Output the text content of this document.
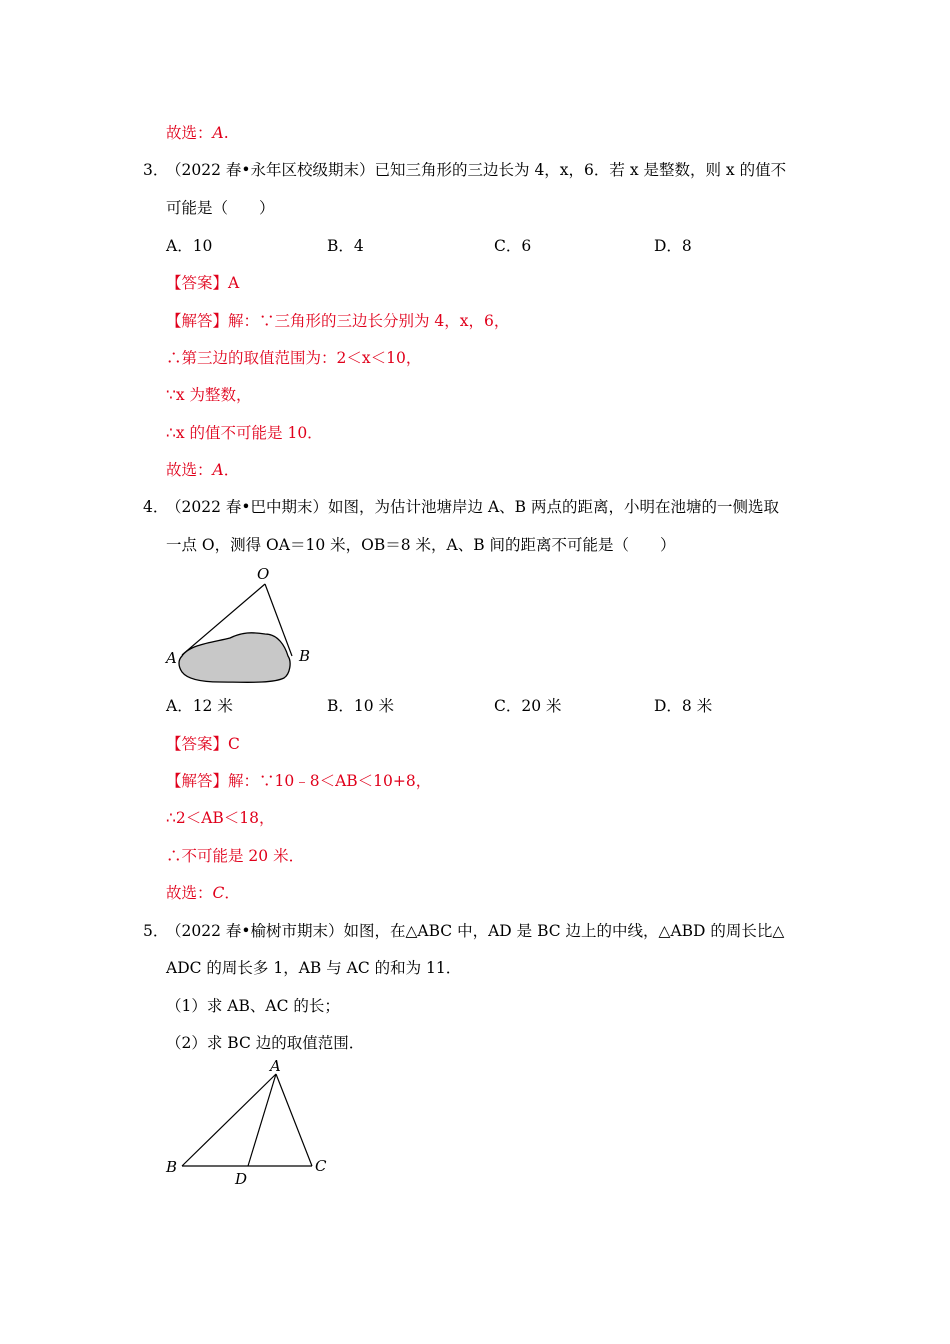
故选：A.
3．
（2022 春•永年区校级期末）已知三角形的三边长为 4，x，6．若 x 是整数，则 x 的值不
可能是（　　）
A．10	B．4	C．6	D．8
【答案】A
【解答】解：∵三角形的三边长分别为 4，x，6，
∴第三边的取值范围为：2＜x＜10，
∵x 为整数，
∴x 的值不可能是 10．
故选：A．
4．
（2022 春•巴中期末）如图，为估计池塘岸边 A、B 两点的距离，小明在池塘的一侧选取
一点 O，测得 OA＝10 米，OB＝8 米，A、B 间的距离不可能是（　　）
O
A	B
A．12 米	B．10 米	C．20 米	D．8 米
【答案】C
【解答】解：∵10﹣8＜AB＜10+8，
∴2＜AB＜18，
∴不可能是 20 米．
故选：C．
5．
（2022 春•榆树市期末）如图，在△ABC 中，AD 是 BC 边上的中线，△ABD 的周长比△
ADC 的周长多 1，AB 与 AC 的和为 11．
（1）求 AB、AC 的长；
（2）求 BC 边的取值范围．
A
B	C
D
